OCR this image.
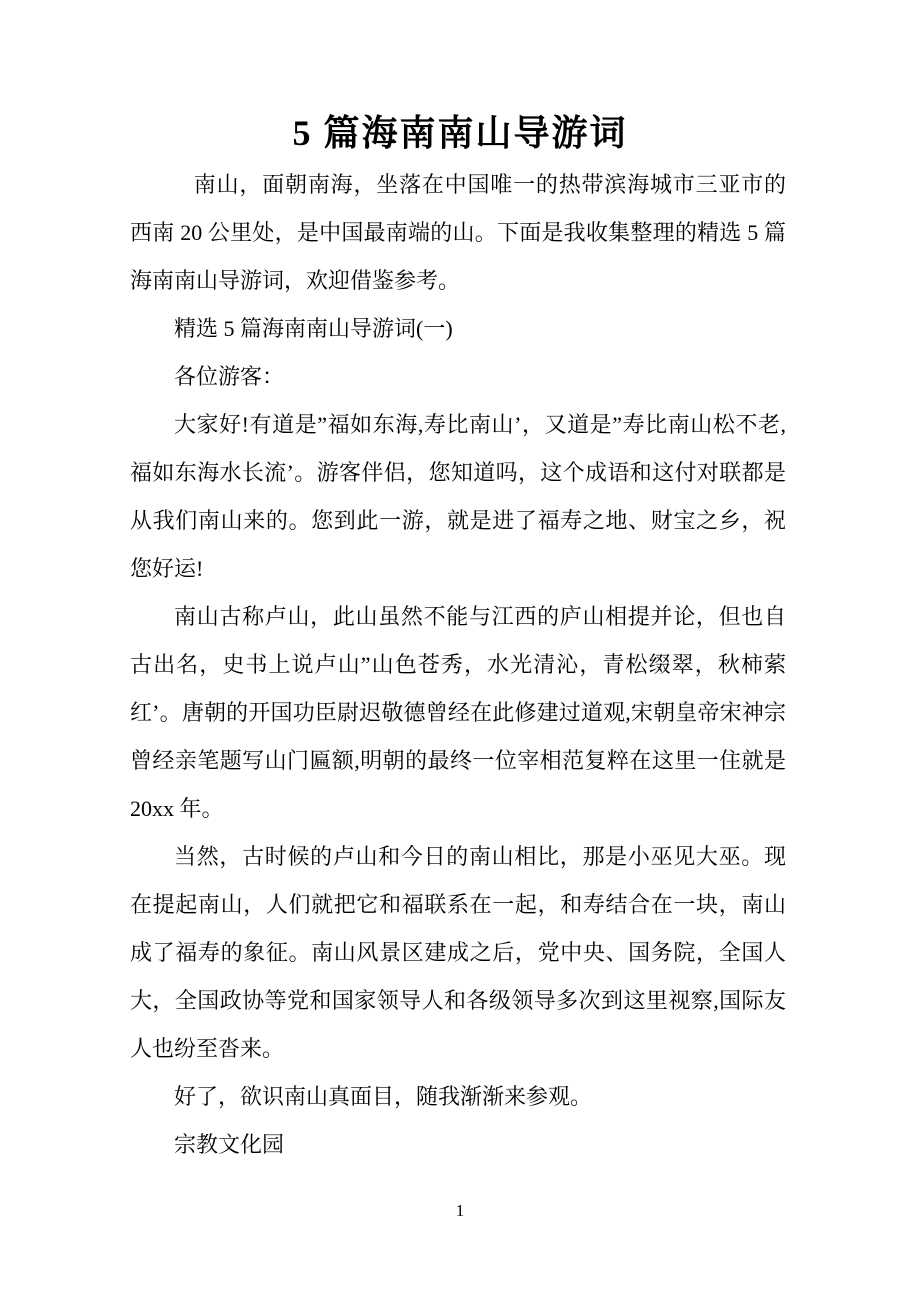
5 篇海南南山导游词

南山，面朝南海，坐落在中国唯一的热带滨海城市三亚市的西南 20 公里处，是中国最南端的山。下面是我收集整理的精选 5 篇海南南山导游词，欢迎借鉴参考。

精选 5 篇海南南山导游词(一)

各位游客：

大家好!有道是”福如东海,寿比南山’，又道是”寿比南山松不老,福如东海水长流’。游客伴侣，您知道吗，这个成语和这付对联都是从我们南山来的。您到此一游，就是进了福寿之地、财宝之乡，祝您好运!

南山古称卢山，此山虽然不能与江西的庐山相提并论，但也自古出名，史书上说卢山”山色苍秀，水光清沁，青松缀翠，秋柿萦红’。唐朝的开国功臣尉迟敬德曾经在此修建过道观,宋朝皇帝宋神宗曾经亲笔题写山门匾额,明朝的最终一位宰相范复粹在这里一住就是 20xx 年。

当然，古时候的卢山和今日的南山相比，那是小巫见大巫。现在提起南山，人们就把它和福联系在一起，和寿结合在一块，南山成了福寿的象征。南山风景区建成之后，党中央、国务院，全国人大，全国政协等党和国家领导人和各级领导多次到这里视察,国际友人也纷至沓来。

好了，欲识南山真面目，随我渐渐来参观。

宗教文化园

1
